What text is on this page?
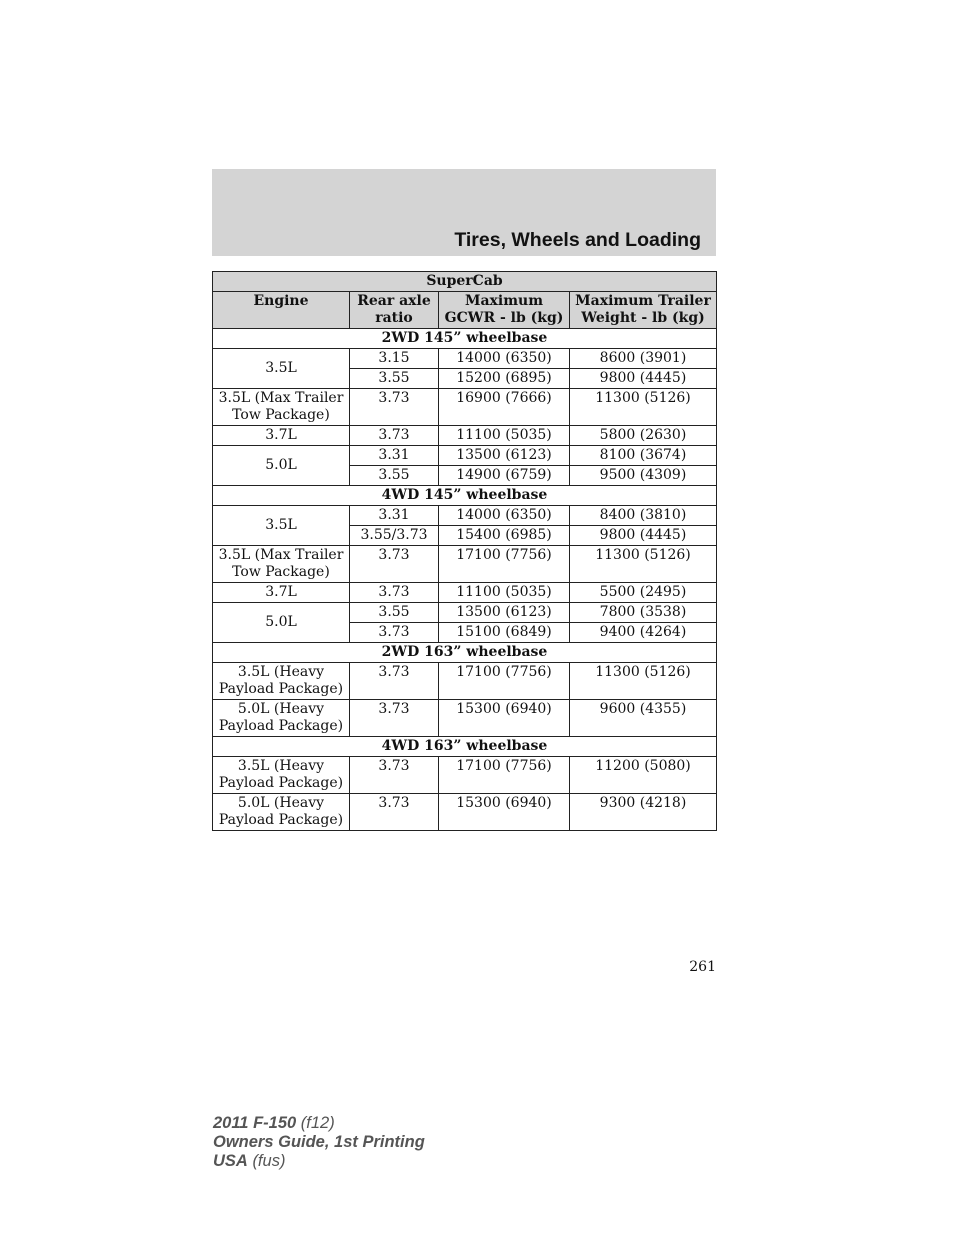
Tires, Wheels and Loading
SuperCab			
Engine	Rear axle ratio	Maximum GCWR - lb (kg)	Maximum Trailer Weight - lb (kg)
2WD 145” wheelbase			
3.5L	3.15	14000 (6350)	8600 (3901)
	3.55	15200 (6895)	9800 (4445)
3.5L (Max Trailer Tow Package)	3.73	16900 (7666)	11300 (5126)
3.7L	3.73	11100 (5035)	5800 (2630)
5.0L	3.31	13500 (6123)	8100 (3674)
	3.55	14900 (6759)	9500 (4309)
4WD 145” wheelbase			
3.5L	3.31	14000 (6350)	8400 (3810)
	3.55/3.73	15400 (6985)	9800 (4445)
3.5L (Max Trailer Tow Package)	3.73	17100 (7756)	11300 (5126)
3.7L	3.73	11100 (5035)	5500 (2495)
5.0L	3.55	13500 (6123)	7800 (3538)
	3.73	15100 (6849)	9400 (4264)
2WD 163” wheelbase			
3.5L (Heavy Payload Package)	3.73	17100 (7756)	11300 (5126)
5.0L (Heavy Payload Package)	3.73	15300 (6940)	9600 (4355)
4WD 163” wheelbase			
3.5L (Heavy Payload Package)	3.73	17100 (7756)	11200 (5080)
5.0L (Heavy Payload Package)	3.73	15300 (6940)	9300 (4218)
261
2011 F-150 (f12)
Owners Guide, 1st Printing
USA (fus)
